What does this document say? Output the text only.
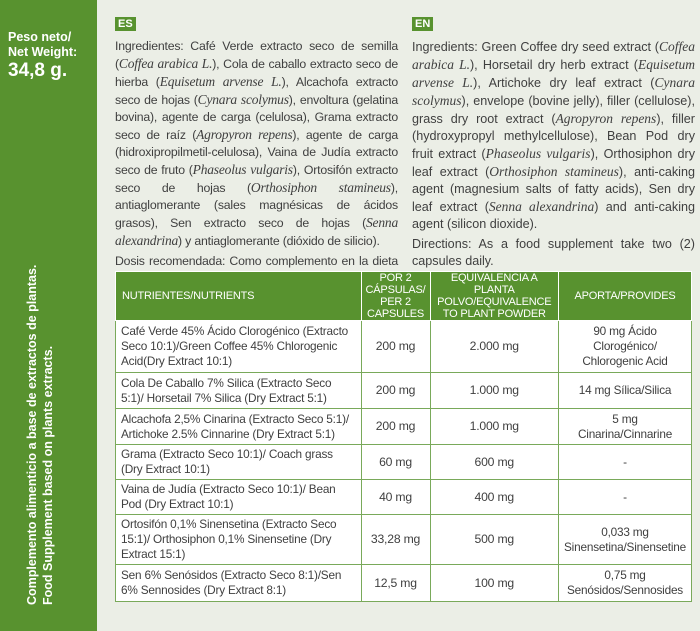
Peso neto/
Net Weight:
34,8 g.
Complemento alimenticio a base de extractos de plantas. Food Supplement based on plants extracts.
ES
Ingredientes: Café Verde extracto seco de semilla (Coffea arabica L.), Cola de caballo extracto seco de hierba (Equisetum arvense L.), Alcachofa extracto seco de hojas (Cynara scolymus), envoltura (gelatina bovina), agente de carga (celulosa), Grama extracto seco de raíz (Agropyron repens), agente de carga (hidroxipropilmetil-celulosa), Vaina de Judía extracto seco de fruto (Phaseolus vulgaris), Ortosifón extracto seco de hojas (Orthosiphon stamineus), antiaglomerante (sales magnésicas de ácidos grasos), Sen extracto seco de hojas (Senna alexandrina) y antiaglomerante (dióxido de silicio).
Dosis recomendada: Como complemento en la dieta
EN
Ingredients: Green Coffee dry seed extract (Coffea arabica L.), Horsetail dry herb extract (Equisetum arvense L.), Artichoke dry leaf extract (Cynara scolymus), envelope (bovine jelly), filler (cellulose), grass dry root extract (Agropyron repens), filler (hydroxypropyl methylcellulose), Bean Pod dry fruit extract (Phaseolus vulgaris), Orthosiphon dry leaf extract (Orthosiphon stamineus), anti-caking agent (magnesium salts of fatty acids), Sen dry leaf extract (Senna alexandrina) and anti-caking agent (silicon dioxide).
Directions: As a food supplement take two (2) capsules daily.
NUTRIENTES/NUTRIENTS	POR 2 CÁPSULAS/ PER 2 CAPSULES	EQUIVALENCIA A PLANTA POLVO/EQUIVALENCE TO PLANT POWDER	APORTA/PROVIDES
Café Verde 45% Ácido Clorogénico (Extracto Seco 10:1)/Green Coffee 45% Chlorogenic Acid(Dry Extract 10:1)	200 mg	2.000 mg	90 mg Ácido Clorogénico/ Chlorogenic Acid
Cola De Caballo 7% Silica (Extracto Seco 5:1)/ Horsetail 7% Silica (Dry Extract 5:1)	200 mg	1.000 mg	14 mg Sílica/Silica
Alcachofa 2,5% Cinarina (Extracto Seco 5:1)/ Artichoke 2.5% Cinnarine (Dry Extract 5:1)	200 mg	1.000 mg	5 mg Cinarina/Cinnarine
Grama (Extracto Seco 10:1)/ Coach grass (Dry Extract 10:1)	60 mg	600 mg	-
Vaina de Judía (Extracto Seco 10:1)/ Bean Pod (Dry Extract 10:1)	40 mg	400 mg	-
Ortosifón 0,1% Sinensetina (Extracto Seco 15:1)/ Orthosiphon 0,1% Sinensetine (Dry Extract 15:1)	33,28 mg	500 mg	0,033 mg Sinensetina/Sinensetine
Sen 6% Senósidos (Extracto Seco 8:1)/Sen 6% Sennosides (Dry Extract 8:1)	12,5 mg	100 mg	0,75 mg Senósidos/Sennosides
